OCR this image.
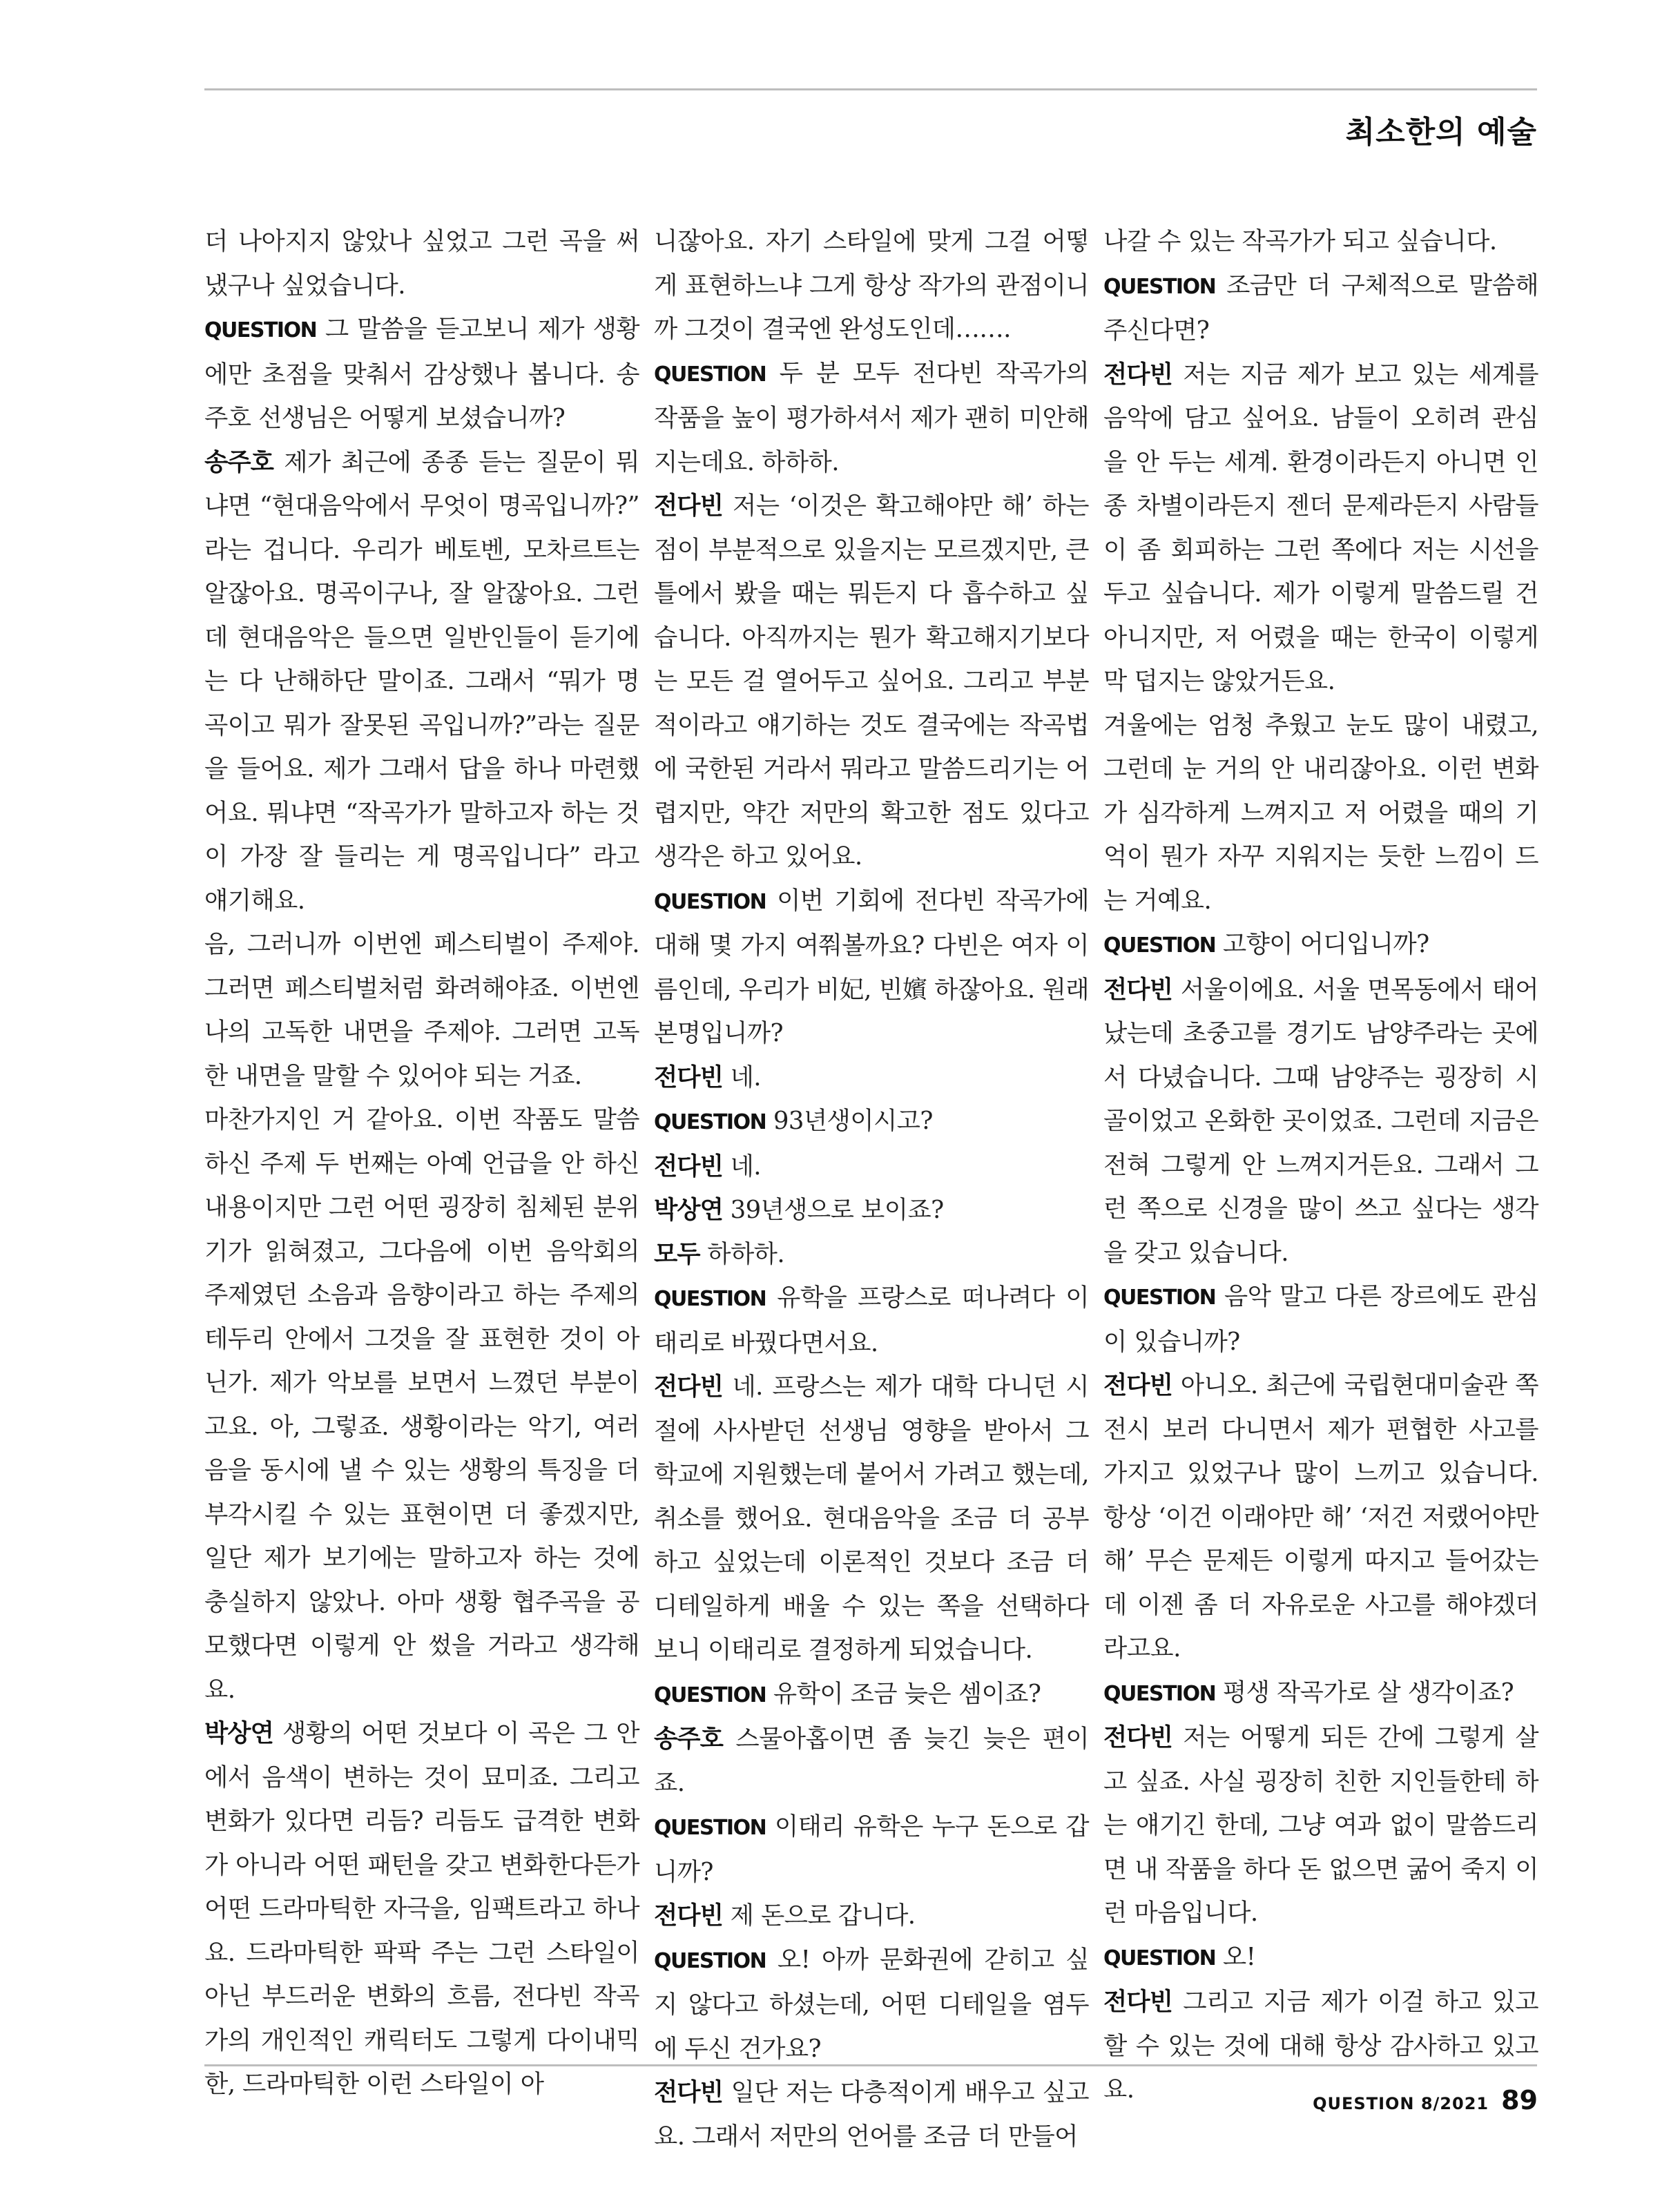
최소한의 예술

더 나아지지 않았나 싶었고 그런 곡을 써 냈구나 싶었습니다.

QUESTION 그 말씀을 듣고보니 제가 생황에만 초점을 맞춰서 감상했나 봅니다. 송주호 선생님은 어떻게 보셨습니까?

송주호 제가 최근에 종종 듣는 질문이 뭐냐면 “현대음악에서 무엇이 명곡입니까?” 라는 겁니다. 우리가 베토벤, 모차르트는 알잖아요. 명곡이구나, 잘 알잖아요. 그런데 현대음악은 들으면 일반인들이 듣기에는 다 난해하단 말이죠. 그래서 “뭐가 명곡이고 뭐가 잘못된 곡입니까?”라는 질문을 들어요. 제가 그래서 답을 하나 마련했어요. 뭐냐면 “작곡가가 말하고자 하는 것이 가장 잘 들리는 게 명곡입니다” 라고 얘기해요.

음, 그러니까 이번엔 페스티벌이 주제야. 그러면 페스티벌처럼 화려해야죠. 이번엔 나의 고독한 내면을 주제야. 그러면 고독한 내면을 말할 수 있어야 되는 거죠.

마찬가지인 거 같아요. 이번 작품도 말씀하신 주제 두 번째는 아예 언급을 안 하신 내용이지만 그런 어떤 굉장히 침체된 분위기가 읽혀졌고, 그다음에 이번 음악회의 주제였던 소음과 음향이라고 하는 주제의 테두리 안에서 그것을 잘 표현한 것이 아닌가. 제가 악보를 보면서 느꼈던 부분이고요. 아, 그렇죠. 생황이라는 악기, 여러 음을 동시에 낼 수 있는 생황의 특징을 더 부각시킬 수 있는 표현이면 더 좋겠지만, 일단 제가 보기에는 말하고자 하는 것에 충실하지 않았나. 아마 생황 협주곡을 공모했다면 이렇게 안 썼을 거라고 생각해요.

박상연 생황의 어떤 것보다 이 곡은 그 안에서 음색이 변하는 것이 묘미죠. 그리고 변화가 있다면 리듬? 리듬도 급격한 변화가 아니라 어떤 패턴을 갖고 변화한다든가 어떤 드라마틱한 자극을, 임팩트라고 하나요. 드라마틱한 팍팍 주는 그런 스타일이 아닌 부드러운 변화의 흐름, 전다빈 작곡가의 개인적인 캐릭터도 그렇게 다이내믹한, 드라마틱한 이런 스타일이 아

니잖아요. 자기 스타일에 맞게 그걸 어떻게 표현하느냐 그게 항상 작가의 관점이니까 그것이 결국엔 완성도인데…….

QUESTION 두 분 모두 전다빈 작곡가의 작품을 높이 평가하셔서 제가 괜히 미안해지는데요. 하하하.

전다빈 저는 ‘이것은 확고해야만 해’ 하는 점이 부분적으로 있을지는 모르겠지만, 큰 틀에서 봤을 때는 뭐든지 다 흡수하고 싶습니다. 아직까지는 뭔가 확고해지기보다는 모든 걸 열어두고 싶어요. 그리고 부분적이라고 얘기하는 것도 결국에는 작곡법에 국한된 거라서 뭐라고 말씀드리기는 어렵지만, 약간 저만의 확고한 점도 있다고 생각은 하고 있어요.

QUESTION 이번 기회에 전다빈 작곡가에 대해 몇 가지 여쭤볼까요? 다빈은 여자 이름인데, 우리가 비妃, 빈嬪 하잖아요. 원래 본명입니까?

전다빈 네.

QUESTION 93년생이시고?

전다빈 네.

박상연 39년생으로 보이죠?

모두 하하하.

QUESTION 유학을 프랑스로 떠나려다 이태리로 바꿨다면서요.

전다빈 네. 프랑스는 제가 대학 다니던 시절에 사사받던 선생님 영향을 받아서 그 학교에 지원했는데 붙어서 가려고 했는데, 취소를 했어요. 현대음악을 조금 더 공부하고 싶었는데 이론적인 것보다 조금 더 디테일하게 배울 수 있는 쪽을 선택하다 보니 이태리로 결정하게 되었습니다.

QUESTION 유학이 조금 늦은 셈이죠?

송주호 스물아홉이면 좀 늦긴 늦은 편이죠.

QUESTION 이태리 유학은 누구 돈으로 갑니까?

전다빈 제 돈으로 갑니다.

QUESTION 오! 아까 문화권에 갇히고 싶지 않다고 하셨는데, 어떤 디테일을 염두에 두신 건가요?

전다빈 일단 저는 다층적이게 배우고 싶고요. 그래서 저만의 언어를 조금 더 만들어

나갈 수 있는 작곡가가 되고 싶습니다.

QUESTION 조금만 더 구체적으로 말씀해 주신다면?

전다빈 저는 지금 제가 보고 있는 세계를 음악에 담고 싶어요. 남들이 오히려 관심을 안 두는 세계. 환경이라든지 아니면 인종 차별이라든지 젠더 문제라든지 사람들이 좀 회피하는 그런 쪽에다 저는 시선을 두고 싶습니다. 제가 이렇게 말씀드릴 건 아니지만, 저 어렸을 때는 한국이 이렇게 막 덥지는 않았거든요.

겨울에는 엄청 추웠고 눈도 많이 내렸고, 그런데 눈 거의 안 내리잖아요. 이런 변화가 심각하게 느껴지고 저 어렸을 때의 기억이 뭔가 자꾸 지워지는 듯한 느낌이 드는 거예요.

QUESTION 고향이 어디입니까?

전다빈 서울이에요. 서울 면목동에서 태어났는데 초중고를 경기도 남양주라는 곳에서 다녔습니다. 그때 남양주는 굉장히 시골이었고 온화한 곳이었죠. 그런데 지금은 전혀 그렇게 안 느껴지거든요. 그래서 그런 쪽으로 신경을 많이 쓰고 싶다는 생각을 갖고 있습니다.

QUESTION 음악 말고 다른 장르에도 관심이 있습니까?

전다빈 아니오. 최근에 국립현대미술관 쪽 전시 보러 다니면서 제가 편협한 사고를 가지고 있었구나 많이 느끼고 있습니다. 항상 ‘이건 이래야만 해’ ‘저건 저랬어야만 해’ 무슨 문제든 이렇게 따지고 들어갔는데 이젠 좀 더 자유로운 사고를 해야겠더라고요.

QUESTION 평생 작곡가로 살 생각이죠?

전다빈 저는 어떻게 되든 간에 그렇게 살고 싶죠. 사실 굉장히 친한 지인들한테 하는 얘기긴 한데, 그냥 여과 없이 말씀드리면 내 작품을 하다 돈 없으면 굶어 죽지 이런 마음입니다.

QUESTION 오!

전다빈 그리고 지금 제가 이걸 하고 있고 할 수 있는 것에 대해 항상 감사하고 있고요.	QUESTION 8/2021 89
